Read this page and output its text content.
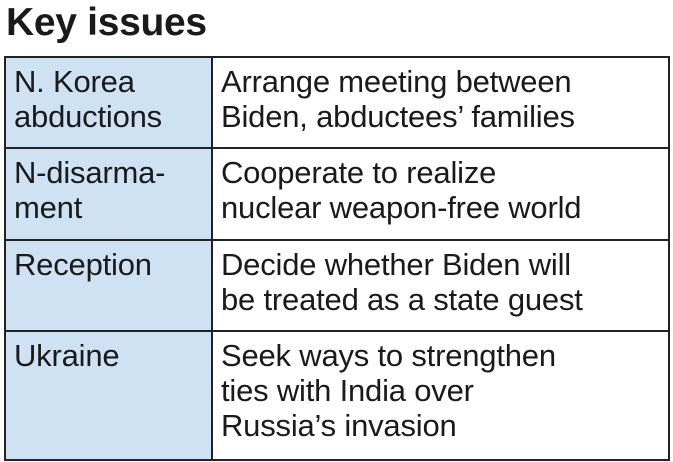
Key issues
N. Korea
abductions	Arrange meeting between
Biden, abductees’ families

N-disarma-
ment	Cooperate to realize
nuclear weapon-free world

Reception	Decide whether Biden will
be treated as a state guest

Ukraine	Seek ways to strengthen
ties with India over
Russia’s invasion
